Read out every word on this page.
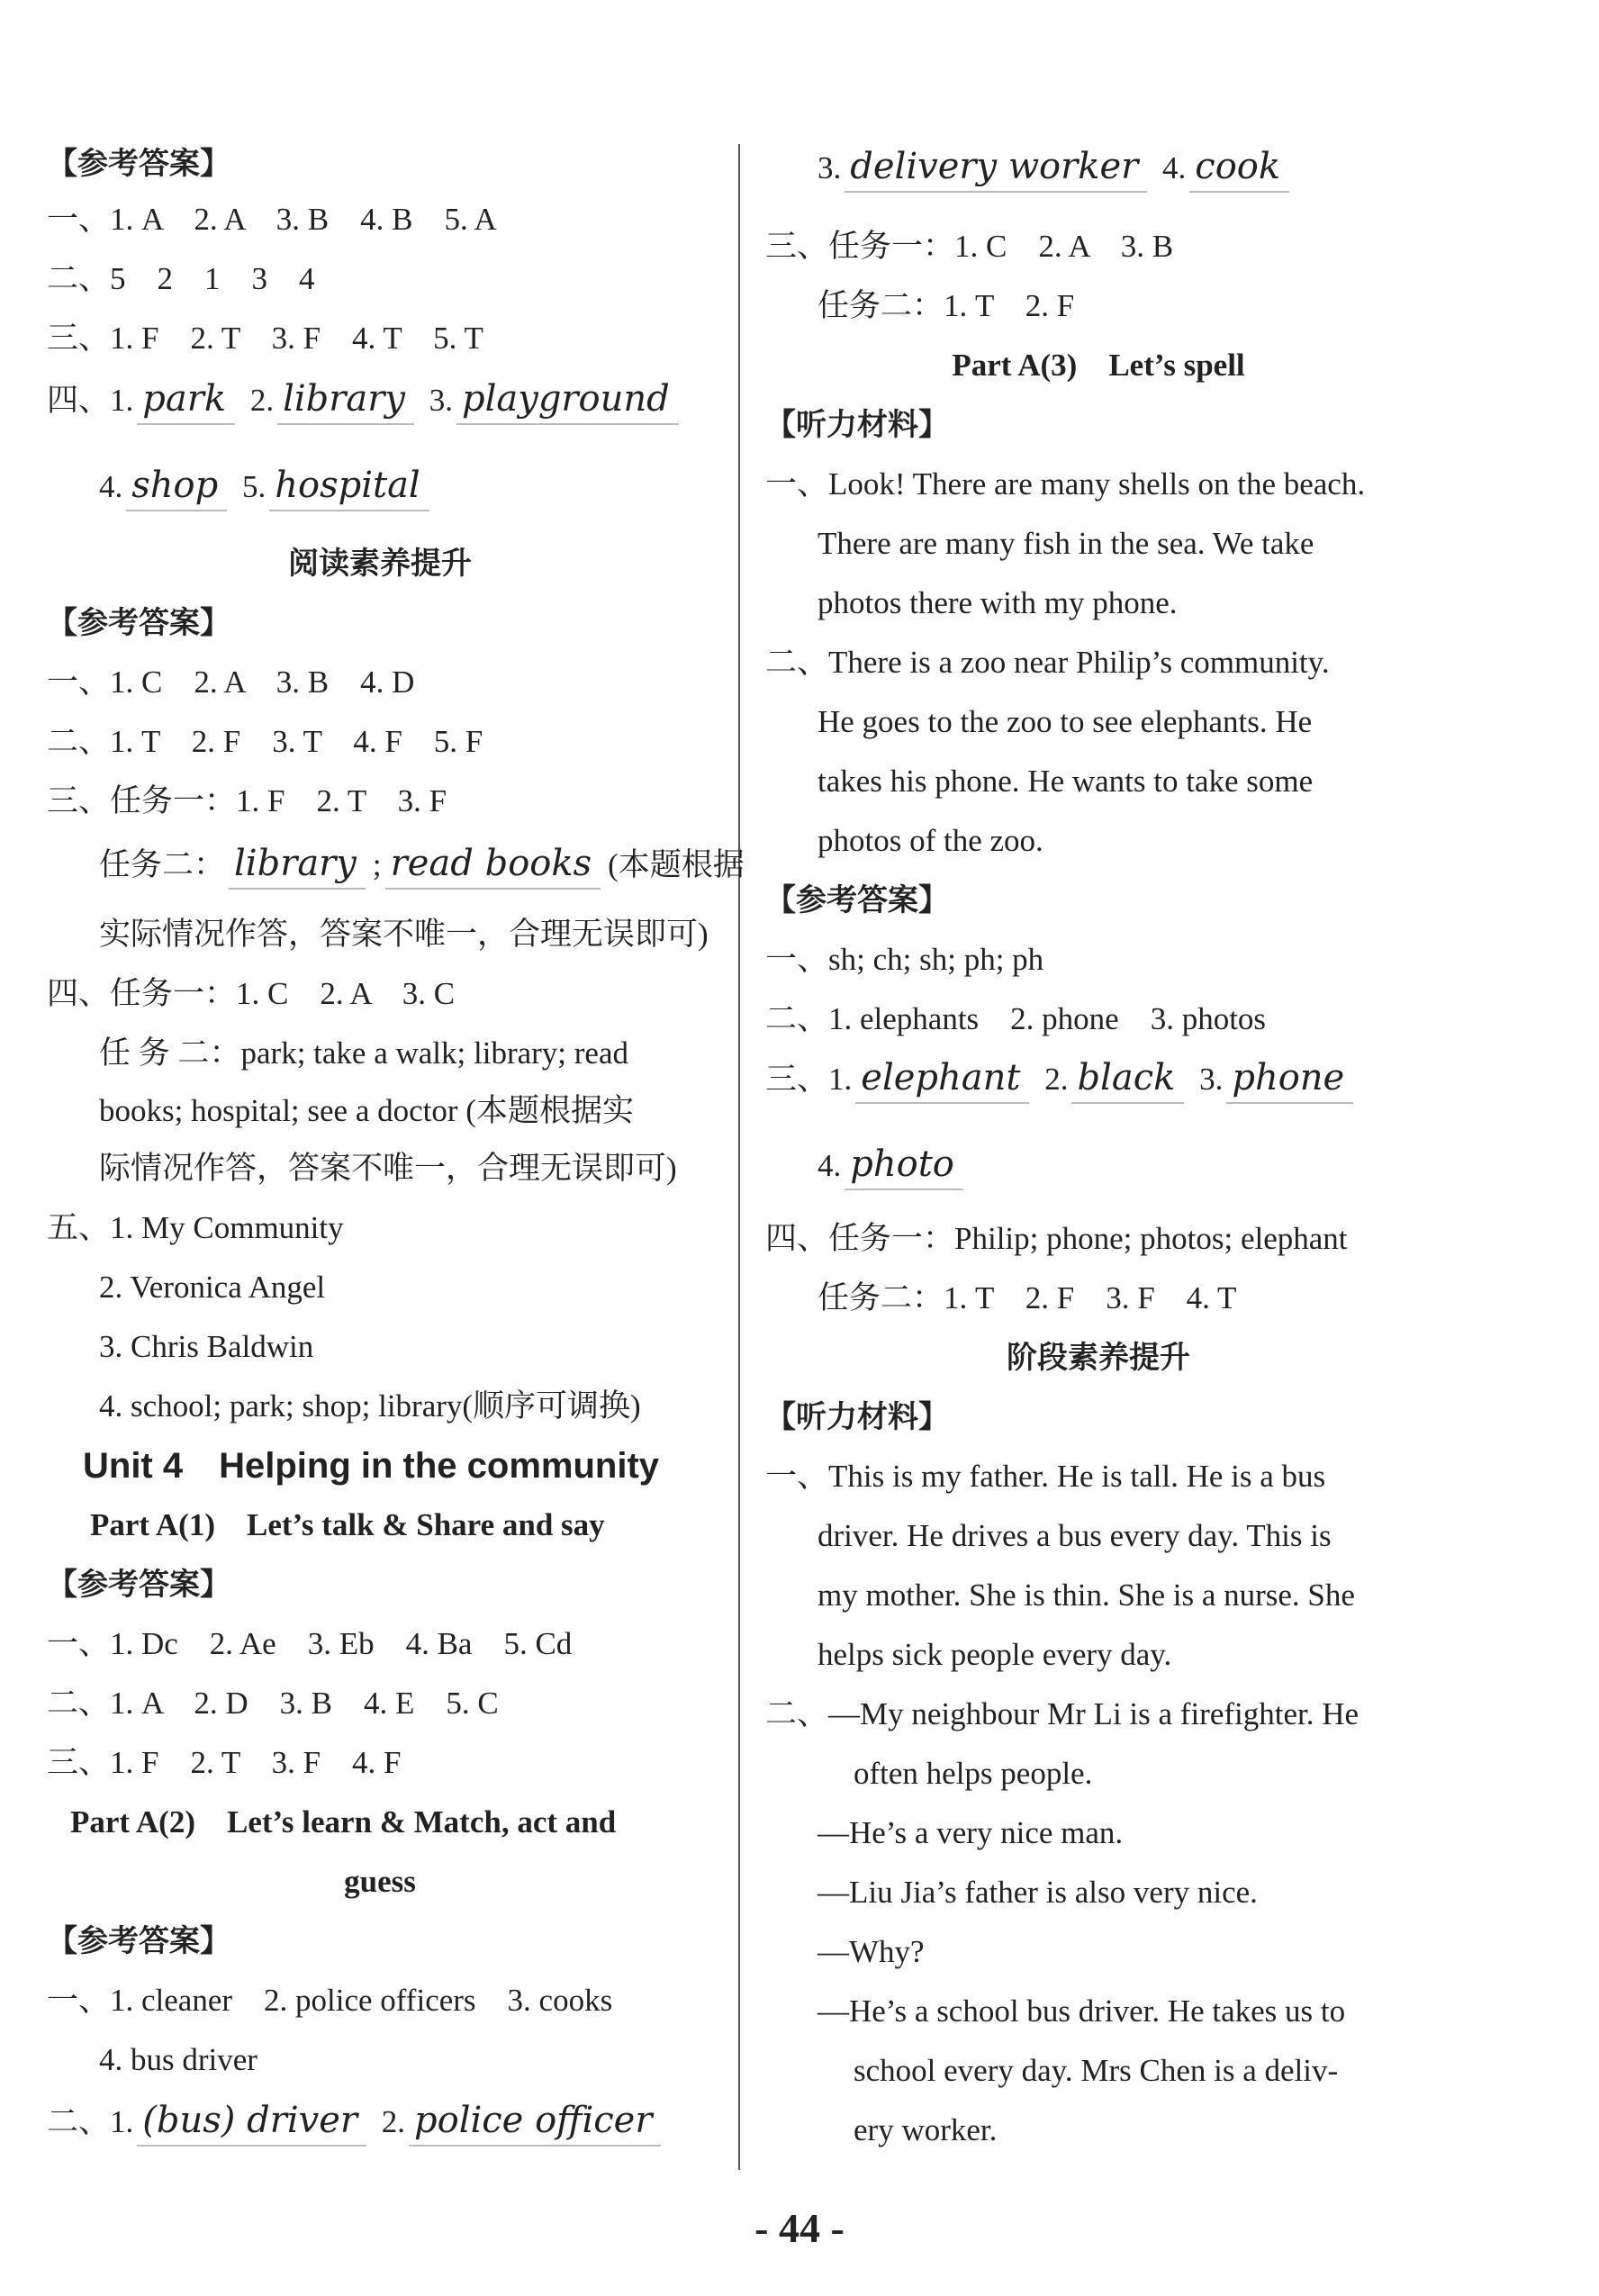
【参考答案】
一、1. A　2. A　3. B　4. B　5. A
二、5　2　1　3　4
三、1. F　2. T　3. F　4. T　5. T
四、1. park 2. library 3. playground
4. shop 5. hospital
阅读素养提升
【参考答案】
一、1. C　2. A　3. B　4. D
二、1. T　2. F　3. T　4. F　5. F
三、任务一：1. F　2. T　3. F
任务二： library ; read books (本题根据
实际情况作答，答案不唯一，合理无误即可)
四、任务一：1. C　2. A　3. C
任 务 二：park; take a walk; library; read
books; hospital; see a doctor (本题根据实
际情况作答，答案不唯一，合理无误即可)
五、1. My Community
2. Veronica Angel
3. Chris Baldwin
4. school; park; shop; library(顺序可调换)
Unit 4　Helping in the community
Part A(1)　Let’s talk & Share and say
【参考答案】
一、1. Dc　2. Ae　3. Eb　4. Ba　5. Cd
二、1. A　2. D　3. B　4. E　5. C
三、1. F　2. T　3. F　4. F
Part A(2)　Let’s learn & Match, act and
guess
【参考答案】
一、1. cleaner　2. police officers　3. cooks
4. bus driver
二、1. (bus) driver 2. police officer
3. delivery worker 4. cook
三、任务一：1. C　2. A　3. B
任务二：1. T　2. F
Part A(3)　Let’s spell
【听力材料】
一、Look! There are many shells on the beach.
There are many fish in the sea. We take
photos there with my phone.
二、There is a zoo near Philip’s community.
He goes to the zoo to see elephants. He
takes his phone. He wants to take some
photos of the zoo.
【参考答案】
一、sh; ch; sh; ph; ph
二、1. elephants　2. phone　3. photos
三、1. elephant 2. black 3. phone
4. photo
四、任务一：Philip; phone; photos; elephant
任务二：1. T　2. F　3. F　4. T
阶段素养提升
【听力材料】
一、This is my father. He is tall. He is a bus
driver. He drives a bus every day. This is
my mother. She is thin. She is a nurse. She
helps sick people every day.
二、—My neighbour Mr Li is a firefighter. He
often helps people.
—He’s a very nice man.
—Liu Jia’s father is also very nice.
—Why?
—He’s a school bus driver. He takes us to
school every day. Mrs Chen is a deliv-
ery worker.
- 44 -
